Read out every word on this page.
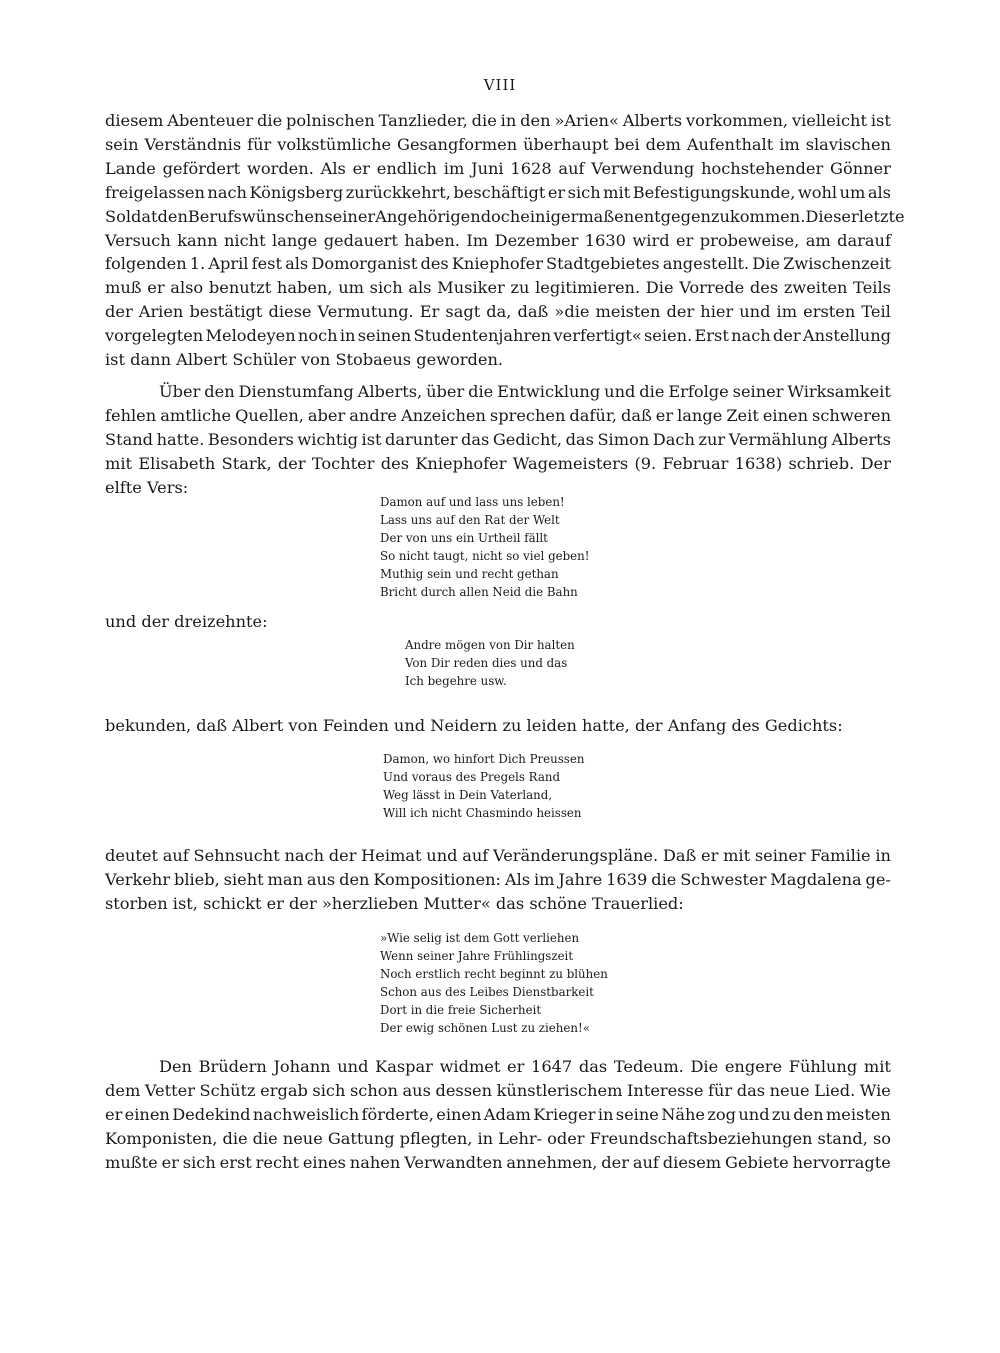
VIII
diesem Abenteuer die polnischen Tanzlieder, die in den »Arien« Alberts vorkommen, vielleicht ist
sein Verständnis für volkstümliche Gesangformen überhaupt bei dem Aufenthalt im slavischen
Lande gefördert worden. Als er endlich im Juni 1628 auf Verwendung hochstehender Gönner
freigelassen nach Königsberg zurückkehrt, beschäftigt er sich mit Befestigungskunde, wohl um als
Soldat den Berufswünschen seiner Angehörigen doch einigermaßen entgegenzukommen. Dieser letzte
Versuch kann nicht lange gedauert haben. Im Dezember 1630 wird er probeweise, am darauf
folgenden 1. April fest als Domorganist des Kniephofer Stadtgebietes angestellt. Die Zwischenzeit
muß er also benutzt haben, um sich als Musiker zu legitimieren. Die Vorrede des zweiten Teils
der Arien bestätigt diese Vermutung. Er sagt da, daß »die meisten der hier und im ersten Teil
vorgelegten Melodeyen noch in seinen Studentenjahren verfertigt« seien. Erst nach der Anstellung
ist dann Albert Schüler von Stobaeus geworden.
Über den Dienstumfang Alberts, über die Entwicklung und die Erfolge seiner Wirksamkeit
fehlen amtliche Quellen, aber andre Anzeichen sprechen dafür, daß er lange Zeit einen schweren
Stand hatte. Besonders wichtig ist darunter das Gedicht, das Simon Dach zur Vermählung Alberts
mit Elisabeth Stark, der Tochter des Kniephofer Wagemeisters (9. Februar 1638) schrieb. Der
elfte Vers:
Damon auf und lass uns leben!
Lass uns auf den Rat der Welt
Der von uns ein Urtheil fällt
So nicht taugt, nicht so viel geben!
Muthig sein und recht gethan
Bricht durch allen Neid die Bahn
und der dreizehnte:
Andre mögen von Dir halten
Von Dir reden dies und das
Ich begehre usw.
bekunden, daß Albert von Feinden und Neidern zu leiden hatte, der Anfang des Gedichts:
Damon, wo hinfort Dich Preussen
Und voraus des Pregels Rand
Weg lässt in Dein Vaterland,
Will ich nicht Chasmindo heissen
deutet auf Sehnsucht nach der Heimat und auf Veränderungspläne. Daß er mit seiner Familie in
Verkehr blieb, sieht man aus den Kompositionen: Als im Jahre 1639 die Schwester Magdalena ge-
storben ist, schickt er der »herzlieben Mutter« das schöne Trauerlied:
»Wie selig ist dem Gott verliehen
Wenn seiner Jahre Frühlingszeit
Noch erstlich recht beginnt zu blühen
Schon aus des Leibes Dienstbarkeit
Dort in die freie Sicherheit
Der ewig schönen Lust zu ziehen!«
Den Brüdern Johann und Kaspar widmet er 1647 das Tedeum. Die engere Fühlung mit
dem Vetter Schütz ergab sich schon aus dessen künstlerischem Interesse für das neue Lied. Wie
er einen Dedekind nachweislich förderte, einen Adam Krieger in seine Nähe zog und zu den meisten
Komponisten, die die neue Gattung pflegten, in Lehr- oder Freundschaftsbeziehungen stand, so
mußte er sich erst recht eines nahen Verwandten annehmen, der auf diesem Gebiete hervorragte
